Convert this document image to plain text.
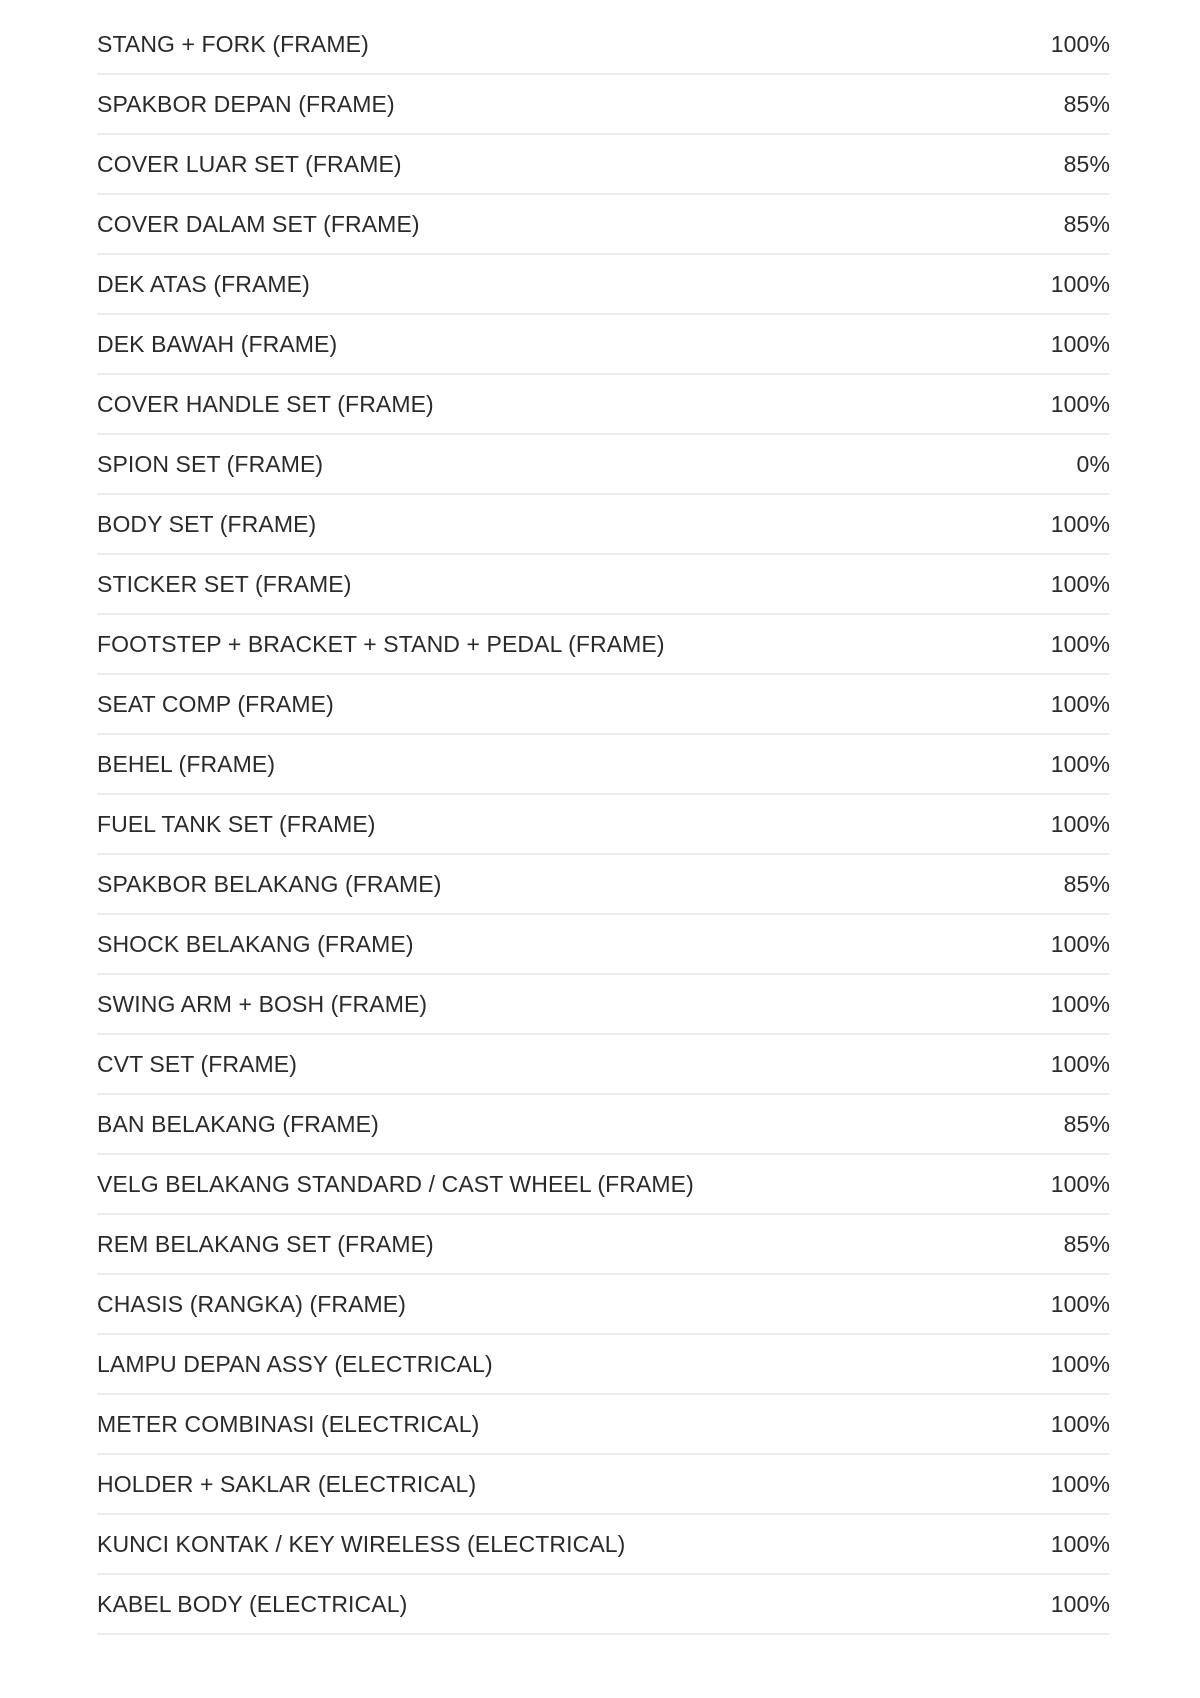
STANG + FORK (FRAME)	100%
SPAKBOR DEPAN (FRAME)	85%
COVER LUAR SET (FRAME)	85%
COVER DALAM SET (FRAME)	85%
DEK ATAS (FRAME)	100%
DEK BAWAH (FRAME)	100%
COVER HANDLE SET (FRAME)	100%
SPION SET (FRAME)	0%
BODY SET (FRAME)	100%
STICKER SET (FRAME)	100%
FOOTSTEP + BRACKET + STAND + PEDAL (FRAME)	100%
SEAT COMP (FRAME)	100%
BEHEL (FRAME)	100%
FUEL TANK SET (FRAME)	100%
SPAKBOR BELAKANG (FRAME)	85%
SHOCK BELAKANG (FRAME)	100%
SWING ARM + BOSH (FRAME)	100%
CVT SET (FRAME)	100%
BAN BELAKANG (FRAME)	85%
VELG BELAKANG STANDARD / CAST WHEEL (FRAME)	100%
REM BELAKANG SET (FRAME)	85%
CHASIS (RANGKA) (FRAME)	100%
LAMPU DEPAN ASSY (ELECTRICAL)	100%
METER COMBINASI (ELECTRICAL)	100%
HOLDER + SAKLAR (ELECTRICAL)	100%
KUNCI KONTAK / KEY WIRELESS (ELECTRICAL)	100%
KABEL BODY (ELECTRICAL)	100%
